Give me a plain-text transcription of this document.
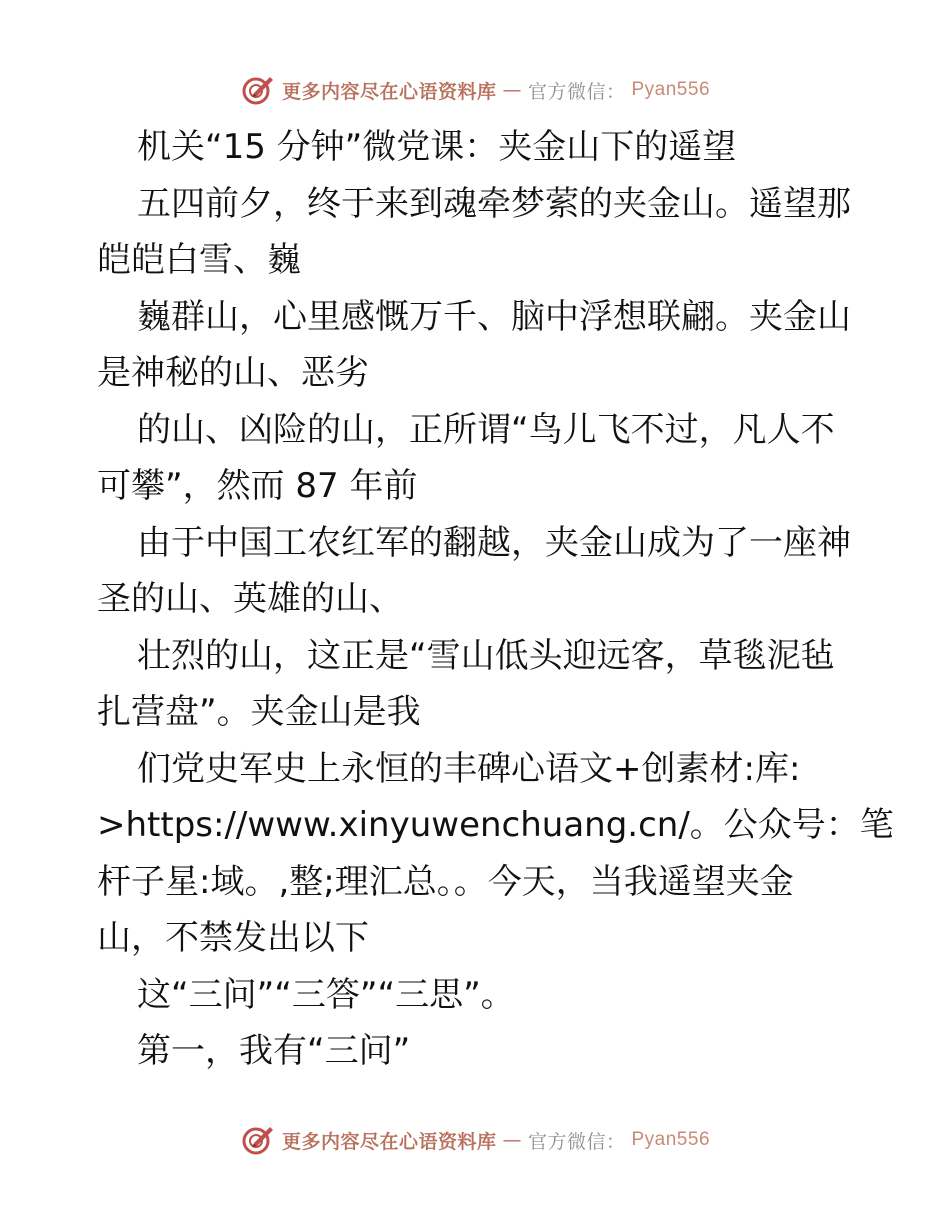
更多内容尽在心语资料库 — 官方微信： Pyan556
机关“15 分钟”微党课：夹金山下的遥望
五四前夕，终于来到魂牵梦萦的夹金山。遥望那
皑皑白雪、巍
巍群山，心里感慨万千、脑中浮想联翩。夹金山
是神秘的山、恶劣
的山、凶险的山，正所谓“鸟儿飞不过，凡人不
可攀”，然而 87 年前
由于中国工农红军的翻越，夹金山成为了一座神
圣的山、英雄的山、
壮烈的山，这正是“雪山低头迎远客，草毯泥毡
扎营盘”。夹金山是我
们党史军史上永恒的丰碑心语文+创素材:库:
>https://www.xinyuwenchuang.cn/。公众号：笔
杆子星:域。,整;理汇总。。今天，当我遥望夹金
山，不禁发出以下
这“三问”“三答”“三思”。
第一，我有“三问”
更多内容尽在心语资料库 — 官方微信： Pyan556
